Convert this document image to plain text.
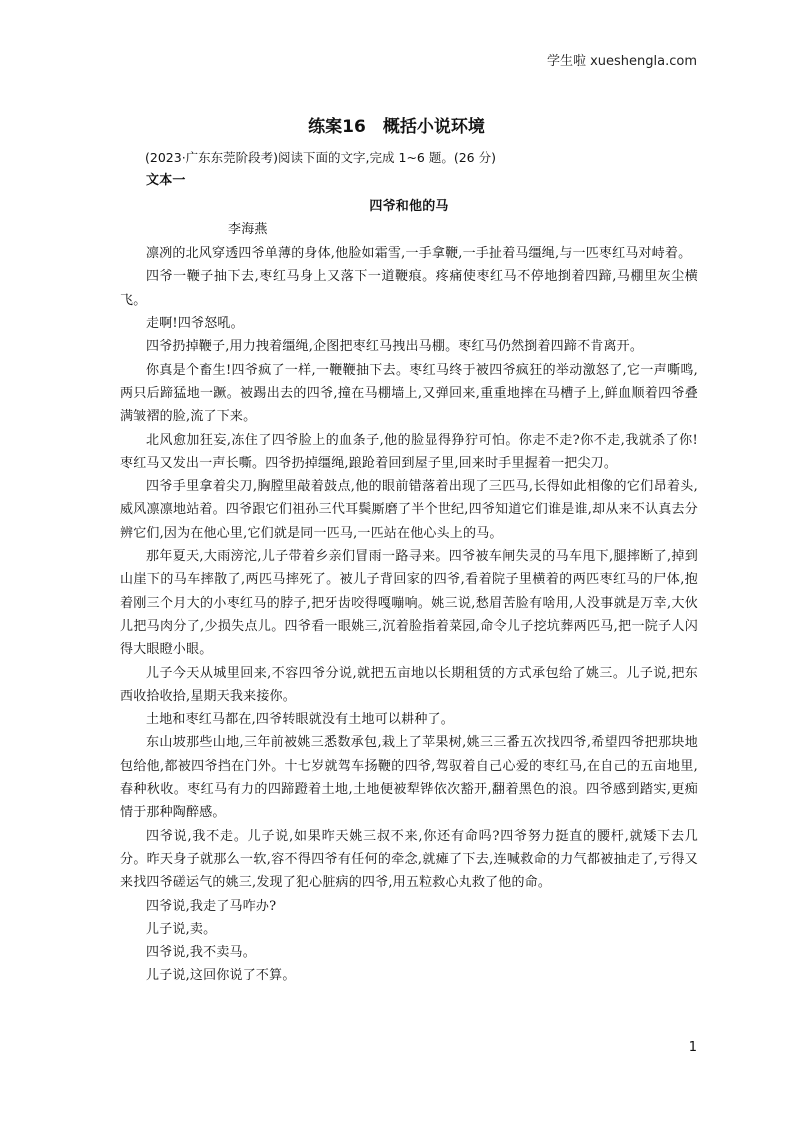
学生啦 xueshengla.com
练案16　概括小说环境

(2023·广东东莞阶段考)阅读下面的文字,完成 1~6 题。(26 分)

文本一

四爷和他的马

李海燕

凛冽的北风穿透四爷单薄的身体,他脸如霜雪,一手拿鞭,一手扯着马缰绳,与一匹枣红马对峙着。

四爷一鞭子抽下去,枣红马身上又落下一道鞭痕。疼痛使枣红马不停地捯着四蹄,马棚里灰尘横飞。

走啊!四爷怒吼。

四爷扔掉鞭子,用力拽着缰绳,企图把枣红马拽出马棚。枣红马仍然捯着四蹄不肯离开。

你真是个畜生!四爷疯了一样,一鞭鞭抽下去。枣红马终于被四爷疯狂的举动激怒了,它一声嘶鸣,两只后蹄猛地一蹶。被踢出去的四爷,撞在马棚墙上,又弹回来,重重地摔在马槽子上,鲜血顺着四爷叠满皱褶的脸,流了下来。

北风愈加狂妄,冻住了四爷脸上的血条子,他的脸显得狰狞可怕。你走不走?你不走,我就杀了你!枣红马又发出一声长嘶。四爷扔掉缰绳,踉跄着回到屋子里,回来时手里握着一把尖刀。

四爷手里拿着尖刀,胸膛里敲着鼓点,他的眼前错落着出现了三匹马,长得如此相像的它们昂着头,威风凛凛地站着。四爷跟它们祖孙三代耳鬓厮磨了半个世纪,四爷知道它们谁是谁,却从来不认真去分辨它们,因为在他心里,它们就是同一匹马,一匹站在他心头上的马。

那年夏天,大雨滂沱,儿子带着乡亲们冒雨一路寻来。四爷被车闸失灵的马车甩下,腿摔断了,掉到山崖下的马车摔散了,两匹马摔死了。被儿子背回家的四爷,看着院子里横着的两匹枣红马的尸体,抱着刚三个月大的小枣红马的脖子,把牙齿咬得嘎嘣响。姚三说,愁眉苦脸有啥用,人没事就是万幸,大伙儿把马肉分了,少损失点儿。四爷看一眼姚三,沉着脸指着菜园,命令儿子挖坑葬两匹马,把一院子人闪得大眼瞪小眼。

儿子今天从城里回来,不容四爷分说,就把五亩地以长期租赁的方式承包给了姚三。儿子说,把东西收拾收拾,星期天我来接你。

土地和枣红马都在,四爷转眼就没有土地可以耕种了。

东山坡那些山地,三年前被姚三悉数承包,栽上了苹果树,姚三三番五次找四爷,希望四爷把那块地包给他,都被四爷挡在门外。十七岁就驾车扬鞭的四爷,驾驭着自己心爱的枣红马,在自己的五亩地里,春种秋收。枣红马有力的四蹄蹬着土地,土地便被犁铧依次豁开,翻着黑色的浪。四爷感到踏实,更痴情于那种陶醉感。

四爷说,我不走。儿子说,如果昨天姚三叔不来,你还有命吗?四爷努力挺直的腰杆,就矮下去几分。昨天身子就那么一软,容不得四爷有任何的牵念,就瘫了下去,连喊救命的力气都被抽走了,亏得又来找四爷磋运气的姚三,发现了犯心脏病的四爷,用五粒救心丸救了他的命。

四爷说,我走了马咋办?

儿子说,卖。

四爷说,我不卖马。

儿子说,这回你说了不算。

1
